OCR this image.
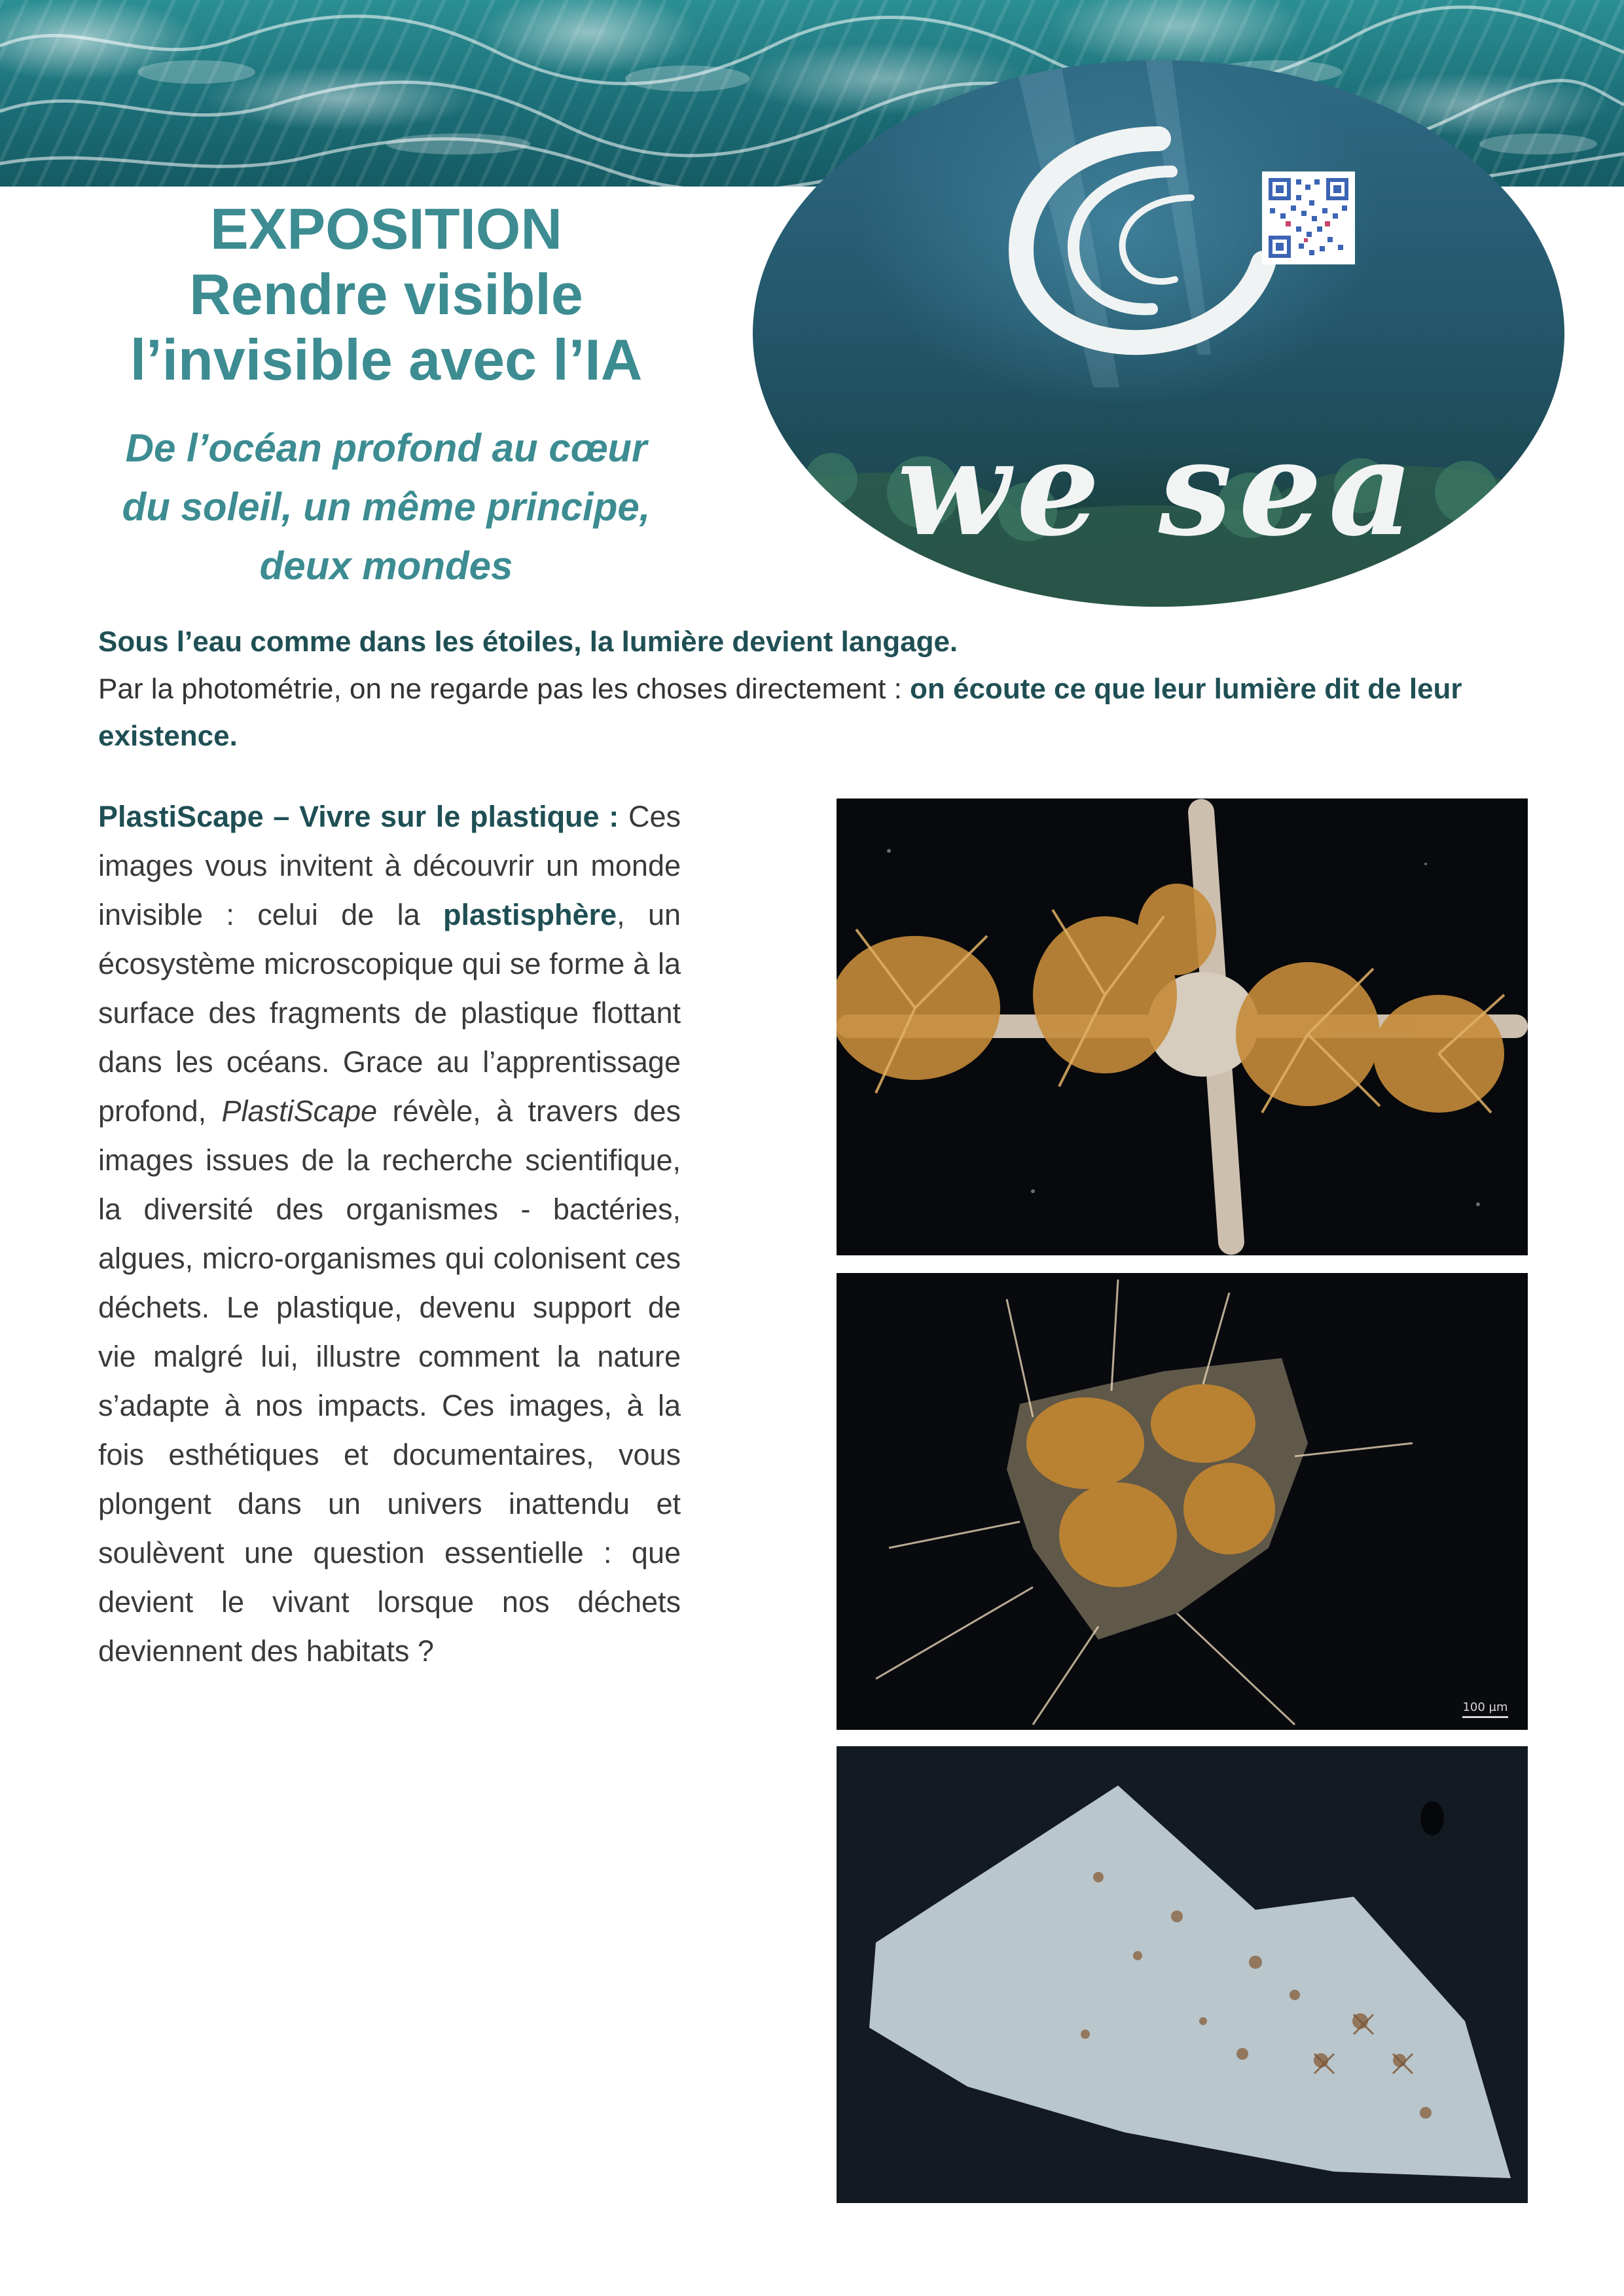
we sea
EXPOSITION
Rendre visible
l’invisible avec l’IA
De l’océan profond au cœur
du soleil, un même principe,
deux mondes
Sous l’eau comme dans les étoiles, la lumière devient langage.
Par la photométrie, on ne regarde pas les choses directement : on écoute ce que leur lumière dit de leur existence.
PlastiScape – Vivre sur le plastique : Ces images vous invitent à découvrir un monde invisible : celui de la plastisphère, un écosystème microscopique qui se forme à la surface des fragments de plastique flottant dans les océans. Grace au l’apprentissage profond, PlastiScape révèle, à travers des images issues de la recherche scientifique, la diversité des organismes - bactéries, algues, micro-organismes qui colonisent ces déchets. Le plastique, devenu support de vie malgré lui, illustre comment la nature s’adapte à nos impacts. Ces images, à la fois esthétiques et documentaires, vous plongent dans un univers inattendu et soulèvent une question essentielle : que devient le vivant lorsque nos déchets deviennent des habitats ?
100 µm
